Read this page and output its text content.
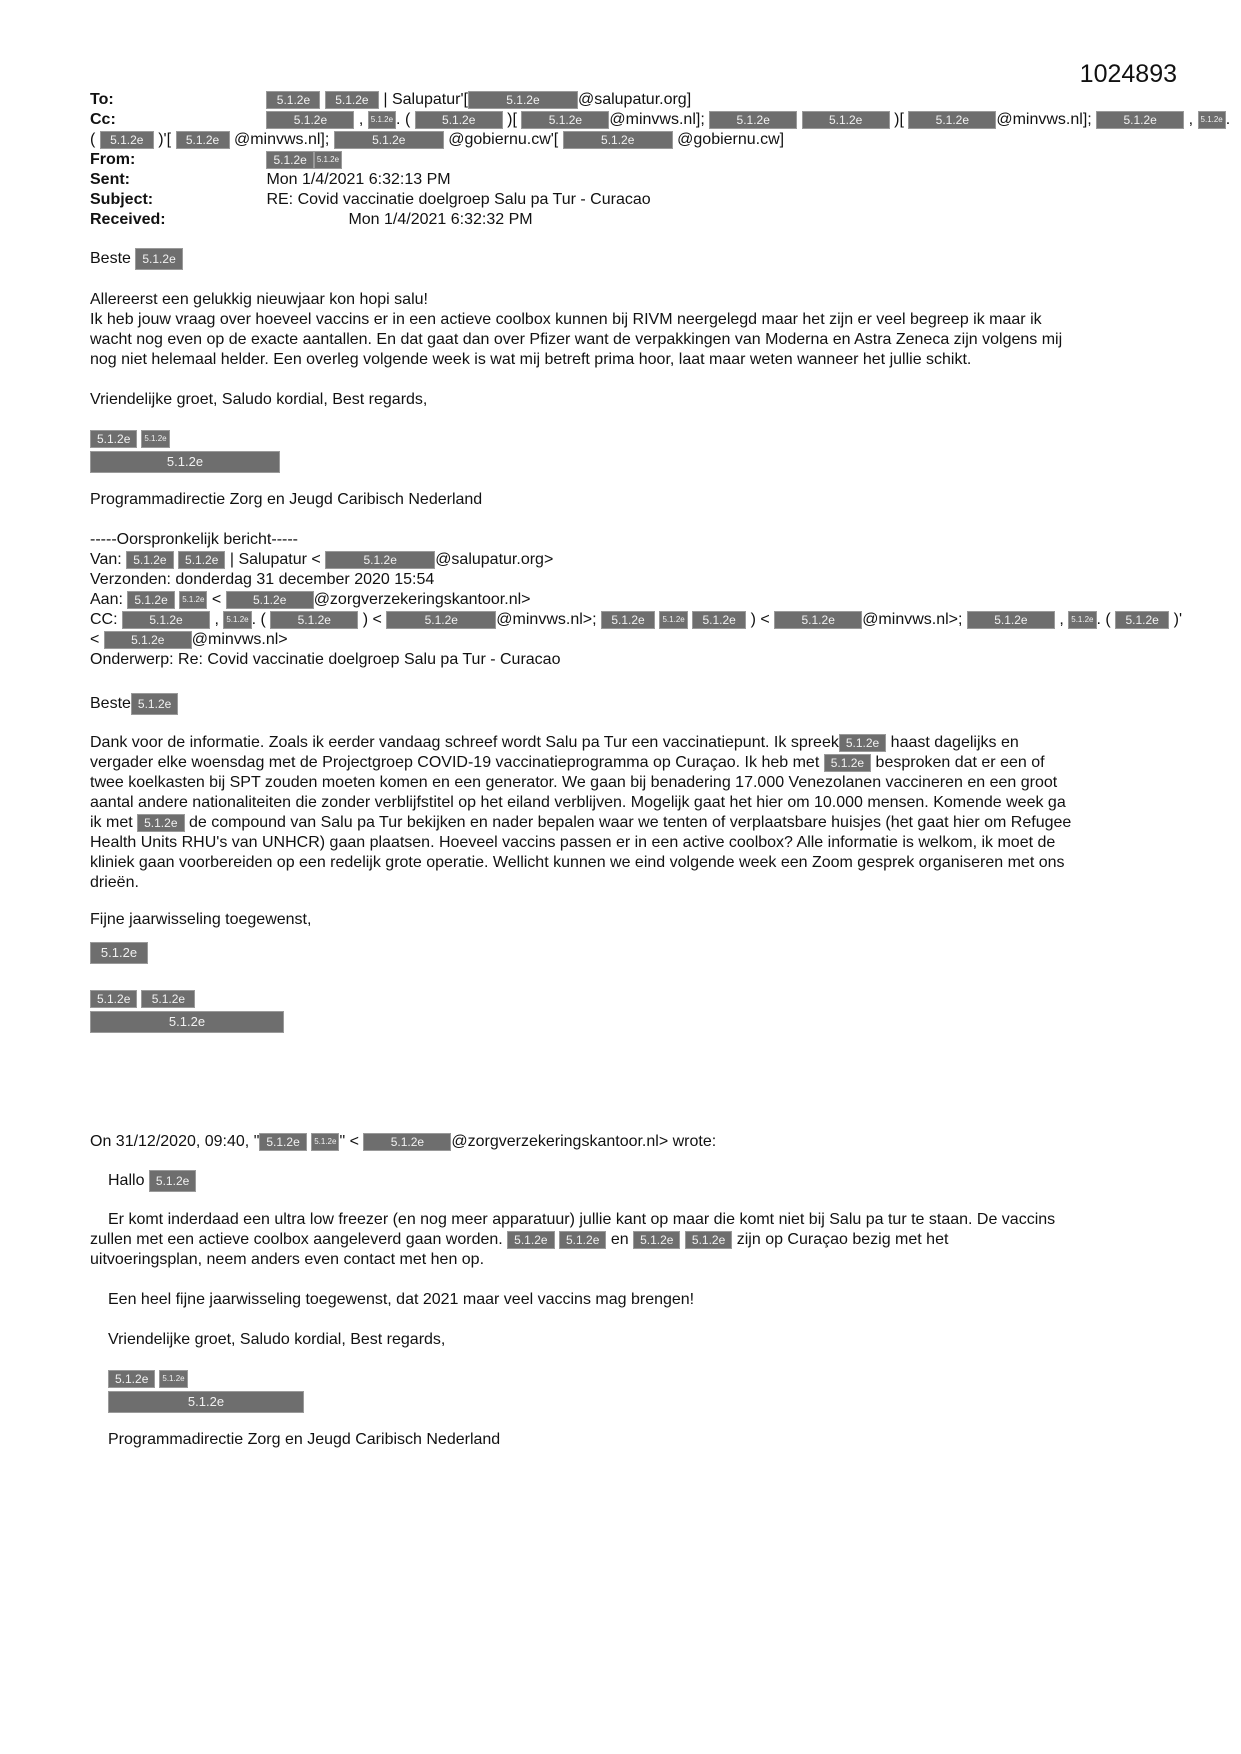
1024893
To:	5.1.2e 5.1.2e | Salupatur'[	5.1.2e @salupatur.org]
Cc:	5.1.2e , 5.1.2e . ( 5.1.2e )[ 5.1.2e @minvws.nl];	5.1.2e	5.1.2e )[ 5.1.2e @minvws.nl];	5.1.2e , 5.1.2e .
( 5.1.2e )'[ 5.1.2e @minvws.nl];	5.1.2e	@gobiernu.cw'[	5.1.2e	@gobiernu.cw]
From:	5.1.2e 5.1.2e
Sent:	Mon 1/4/2021 6:32:13 PM
Subject:	RE: Covid vaccinatie doelgroep Salu pa Tur - Curacao
Received:	Mon 1/4/2021 6:32:32 PM
Beste 5.1.2e

Allereerst een gelukkig nieuwjaar kon hopi salu!

Ik heb jouw vraag over hoeveel vaccins er in een actieve coolbox kunnen bij RIVM neergelegd maar het zijn er veel begreep ik maar ik

wacht nog even op de exacte aantallen. En dat gaat dan over Pfizer want de verpakkingen van Moderna en Astra Zeneca zijn volgens mij

nog niet helemaal helder. Een overleg volgende week is wat mij betreft prima hoor, laat maar weten wanneer het jullie schikt.

Vriendelijke groet, Saludo kordial, Best regards,
5.1.2e	5.1.2e
5.1.2e
Programmadirectie Zorg en Jeugd Caribisch Nederland

-----Oorspronkelijk bericht-----

Van: 5.1.2e 5.1.2e | Salupatur <	5.1.2e @salupatur.org>

Verzonden: donderdag 31 december 2020 15:54

Aan: 5.1.2e 5.1.2e < 5.1.2e @zorgverzekeringskantoor.nl>

CC:	5.1.2e , 5.1.2e . ( 5.1.2e ) <	5.1.2e @minvws.nl>; 5.1.2e 5.1.2e 5.1.2e ) < 5.1.2e @minvws.nl>;	5.1.2e , 5.1.2e . ( 5.1.2e )'

< 5.1.2e @minvws.nl>

Onderwerp: Re: Covid vaccinatie doelgroep Salu pa Tur - Curacao

Beste 5.1.2e

Dank voor de informatie. Zoals ik eerder vandaag schreef wordt Salu pa Tur een vaccinatiepunt. Ik spreek 5.1.2e haast dagelijks en

vergader elke woensdag met de Projectgroep COVID-19 vaccinatieprogramma op Curaçao. Ik heb met 5.1.2e besproken dat er een of

twee koelkasten bij SPT zouden moeten komen en een generator. We gaan bij benadering 17.000 Venezolanen vaccineren en een groot

aantal andere nationaliteiten die zonder verblijfstitel op het eiland verblijven. Mogelijk gaat het hier om 10.000 mensen. Komende week ga

ik met 5.1.2e de compound van Salu pa Tur bekijken en nader bepalen waar we tenten of verplaatsbare huisjes (het gaat hier om Refugee

Health Units RHU's van UNHCR) gaan plaatsen. Hoeveel vaccins passen er in een active coolbox? Alle informatie is welkom, ik moet de

kliniek gaan voorbereiden op een redelijk grote operatie. Wellicht kunnen we eind volgende week een Zoom gesprek organiseren met ons

drieën.

Fijne jaarwisseling toegewenst,
5.1.2e
5.1.2e	5.1.2e
5.1.2e
On 31/12/2020, 09:40, " 5.1.2e 5.1.2e " <	5.1.2e @zorgverzekeringskantoor.nl> wrote:
Hallo 5.1.2e

Er komt inderdaad een ultra low freezer (en nog meer apparatuur) jullie kant op maar die komt niet bij Salu pa tur te staan. De vaccins

zullen met een actieve coolbox aangeleverd gaan worden. 5.1.2e 5.1.2e en 5.1.2e 5.1.2e zijn op Curaçao bezig met het

uitvoeringsplan, neem anders even contact met hen op.

Een heel fijne jaarwisseling toegewenst, dat 2021 maar veel vaccins mag brengen!
Vriendelijke groet, Saludo kordial, Best regards,
5.1.2e	5.1.2e
5.1.2e
Programmadirectie Zorg en Jeugd Caribisch Nederland
